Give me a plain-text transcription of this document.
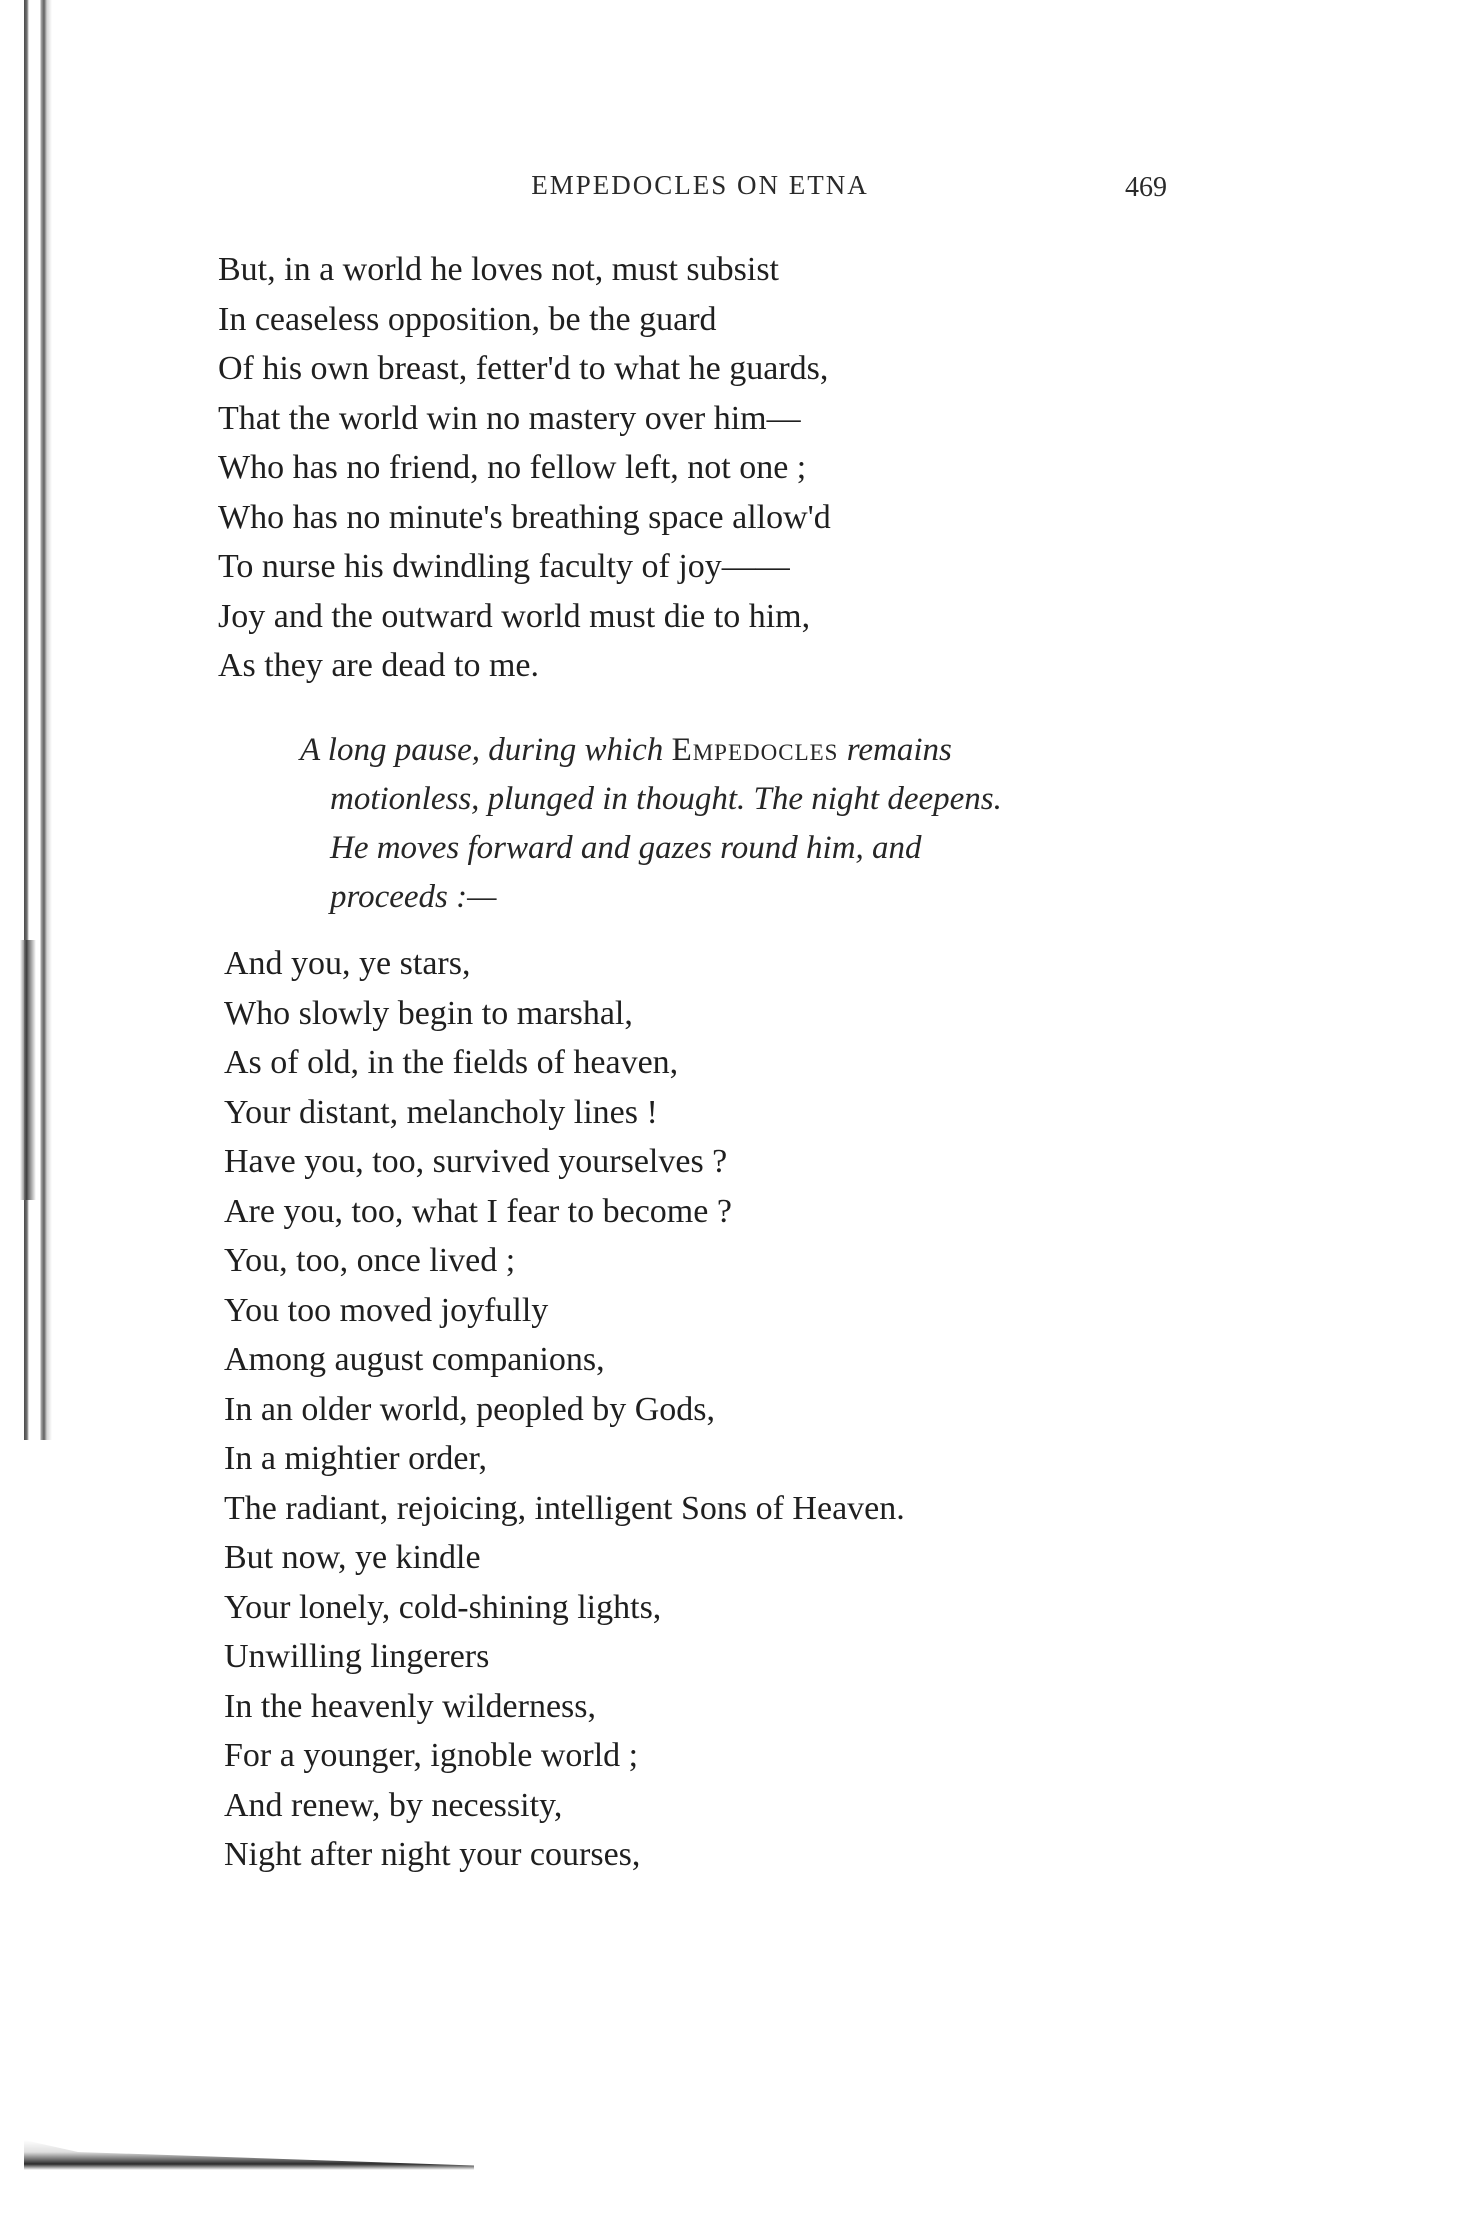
EMPEDOCLES ON ETNA	469
But, in a world he loves not, must subsist
In ceaseless opposition, be the guard
Of his own breast, fetter'd to what he guards,
That the world win no mastery over him—
Who has no friend, no fellow left, not one ;
Who has no minute's breathing space allow'd
To nurse his dwindling faculty of joy——
Joy and the outward world must die to him,
As they are dead to me.
A long pause, during which Empedocles remains
motionless, plunged in thought. The night deepens.
He moves forward and gazes round him, and
proceeds :—
And you, ye stars,
Who slowly begin to marshal,
As of old, in the fields of heaven,
Your distant, melancholy lines !
Have you, too, survived yourselves ?
Are you, too, what I fear to become ?
You, too, once lived ;
You too moved joyfully
Among august companions,
In an older world, peopled by Gods,
In a mightier order,
The radiant, rejoicing, intelligent Sons of Heaven.
But now, ye kindle
Your lonely, cold-shining lights,
Unwilling lingerers
In the heavenly wilderness,
For a younger, ignoble world ;
And renew, by necessity,
Night after night your courses,
